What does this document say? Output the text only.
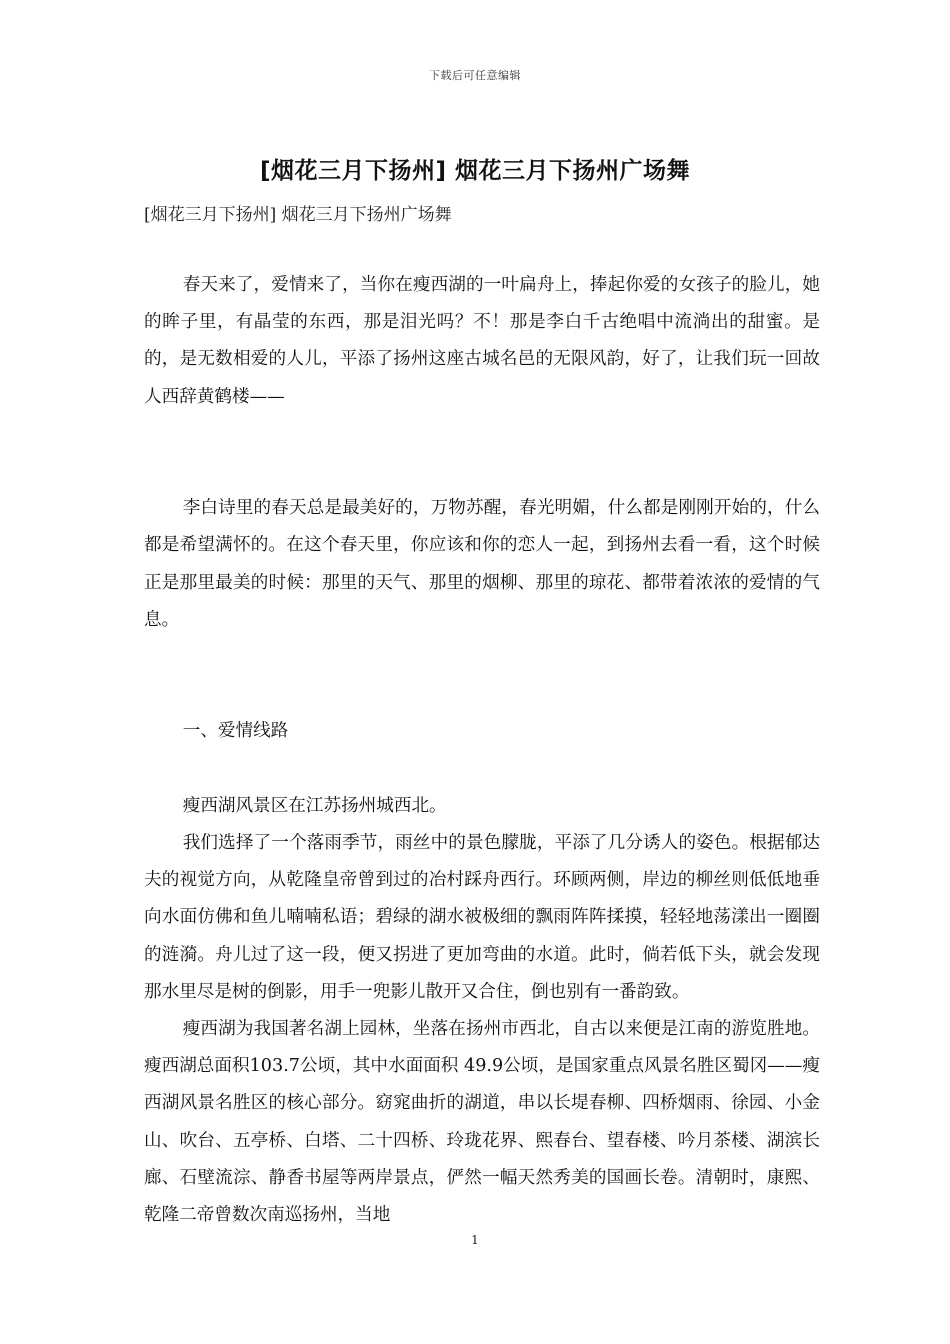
下载后可任意编辑
[烟花三月下扬州] 烟花三月下扬州广场舞
[烟花三月下扬州] 烟花三月下扬州广场舞

春天来了，爱情来了，当你在瘦西湖的一叶扁舟上，捧起你爱的女孩子的脸儿，她的眸子里，有晶莹的东西，那是泪光吗？不！那是李白千古绝唱中流淌出的甜蜜。是的，是无数相爱的人儿，平添了扬州这座古城名邑的无限风韵，好了，让我们玩一回故人西辞黄鹤楼——

李白诗里的春天总是最美好的，万物苏醒，春光明媚，什么都是刚刚开始的，什么都是希望满怀的。在这个春天里，你应该和你的恋人一起，到扬州去看一看，这个时候正是那里最美的时候：那里的天气、那里的烟柳、那里的琼花、都带着浓浓的爱情的气息。

一、爱情线路

瘦西湖风景区在江苏扬州城西北。

我们选择了一个落雨季节，雨丝中的景色朦胧，平添了几分诱人的姿色。根据郁达夫的视觉方向，从乾隆皇帝曾到过的冶村踩舟西行。环顾两侧，岸边的柳丝则低低地垂向水面仿佛和鱼儿喃喃私语；碧绿的湖水被极细的飘雨阵阵揉摸，轻轻地荡漾出一圈圈的涟漪。舟儿过了这一段，便又拐进了更加弯曲的水道。此时，倘若低下头，就会发现那水里尽是树的倒影，用手一兜影儿散开又合住，倒也别有一番韵致。

瘦西湖为我国著名湖上园林，坐落在扬州市西北，自古以来便是江南的游览胜地。瘦西湖总面积103.7公顷，其中水面面积 49.9公顷，是国家重点风景名胜区蜀冈——瘦西湖风景名胜区的核心部分。窈窕曲折的湖道，串以长堤春柳、四桥烟雨、徐园、小金山、吹台、五亭桥、白塔、二十四桥、玲珑花界、熙春台、望春楼、吟月茶楼、湖滨长廊、石壁流淙、静香书屋等两岸景点，俨然一幅天然秀美的国画长卷。清朝时，康熙、乾隆二帝曾数次南巡扬州，当地

1
